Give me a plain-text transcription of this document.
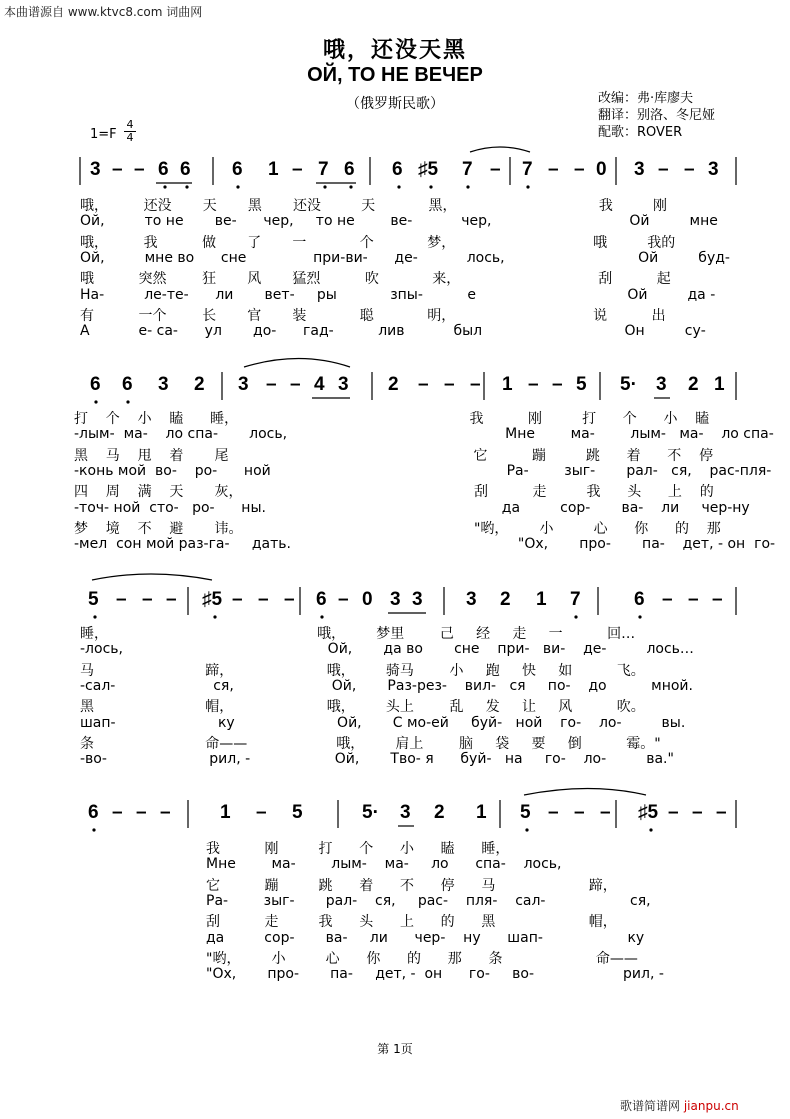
本曲谱源自 www.ktvc8.com 词曲网
哦，还没天黑
ОЙ, ТО НЕ ВЕЧЕР
（俄罗斯民歌）	改编：弗·库廖夫
翻译：别洛、冬尼娅
配歌：ROVER
1=F
4
4
3 – – 6 6 6 1 – 7 6 6 ♯5 7 – 7 – – 0 3 – – 3
哦，        还没       天       黑       还没         天            黑，                                我         刚
Ой,         то не       ве-      чер,     то не        ве-           чер,                               Ой         мне
哦，        我          做       了       一            个            梦，                               哦         我的
Ой,         мне во      сне               при-ви-      де-           лось,                              Ой         буд-
哦          突然        狂       风       猛烈          吹            来，                               刮          起
На-         ле-те-      ли       вет-     ры            зпы-          е                                  Ой         да -
有          一个        长       官       装            聪            明，                               说          出
А           е- са-      ул       до-      гад-          лив           был                                Он         су-
6 6 3 2 3 – – 4 3 2 – – – 1 – – 5 5· 3 2 1
打    个    小    瞌      睡，                                                    我          刚         打      个      小    瞌
-лым-  ма-    ло спа-       лось,                                                 Мне        ма-        лым-   ма-    ло спа-
黑    马    甩    着       尾                                                       它          蹦         跳      着      不    停
-конь мой  во-    ро-      ной                                                     Ра-        зыг-       рал-   ся,    рас-пля-
四    周    满    天       灰，                                                    刮          走         我      头      上    的
-точ- ной  сто-   ро-      ны.                                                     да         сор-       ва-    ли     чер-ну
梦    境    不    避       讳。                                                    "哟，       小         心      你      的    那
-мел  сон мой раз-га-     дать.                                                   "Ох,       про-       па-    дет, - он  го-
5 – – – ♯5 – – – 6 – 0 3 3 3 2 1 7	6 – – –
睡，                                               哦，       梦里        己     经     走     一          回…
-лось,                                              Ой,       да во       сне    при-   ви-    де-         лось…
马                         蹄，                     哦，       骑马        小     跑     快     如          飞。
-сал-                      ся,                      Ой,       Раз-рез-    вил-   ся     по-    до          мной.
黑                         帽，                     哦，       头上        乱     发     让     风          吹。
шап-                       ку                       Ой,       С мо-ей     буй-   ной    го-    ло-         вы.
条                         命——                    哦，       肩上        脑     袋     要     倒          霉。"
-во-                       рил, -                   Ой,       Тво- я      буй-   на     го-    ло-         ва."
6 – – –	1 – 5	5· 3 2 1 5 – – – ♯5 – – –
我          刚         打      个      小      瞌      睡，
Мне        ма-        лым-    ма-     ло      спа-    лось,
它          蹦         跳      着      不      停      马                     蹄，
Ра-        зыг-       рал-    ся,     рас-    пля-    сал-                   ся,
刮          走         我      头      上      的      黑                     帽，
да         сор-       ва-     ли      чер-    ну      шап-                   ку
"哟，       小         心      你      的      那      条                     命——
"Ох,       про-       па-     дет, -  он      го-     во-                    рил, -
第 1页
歌谱简谱网 jianpu.cn
